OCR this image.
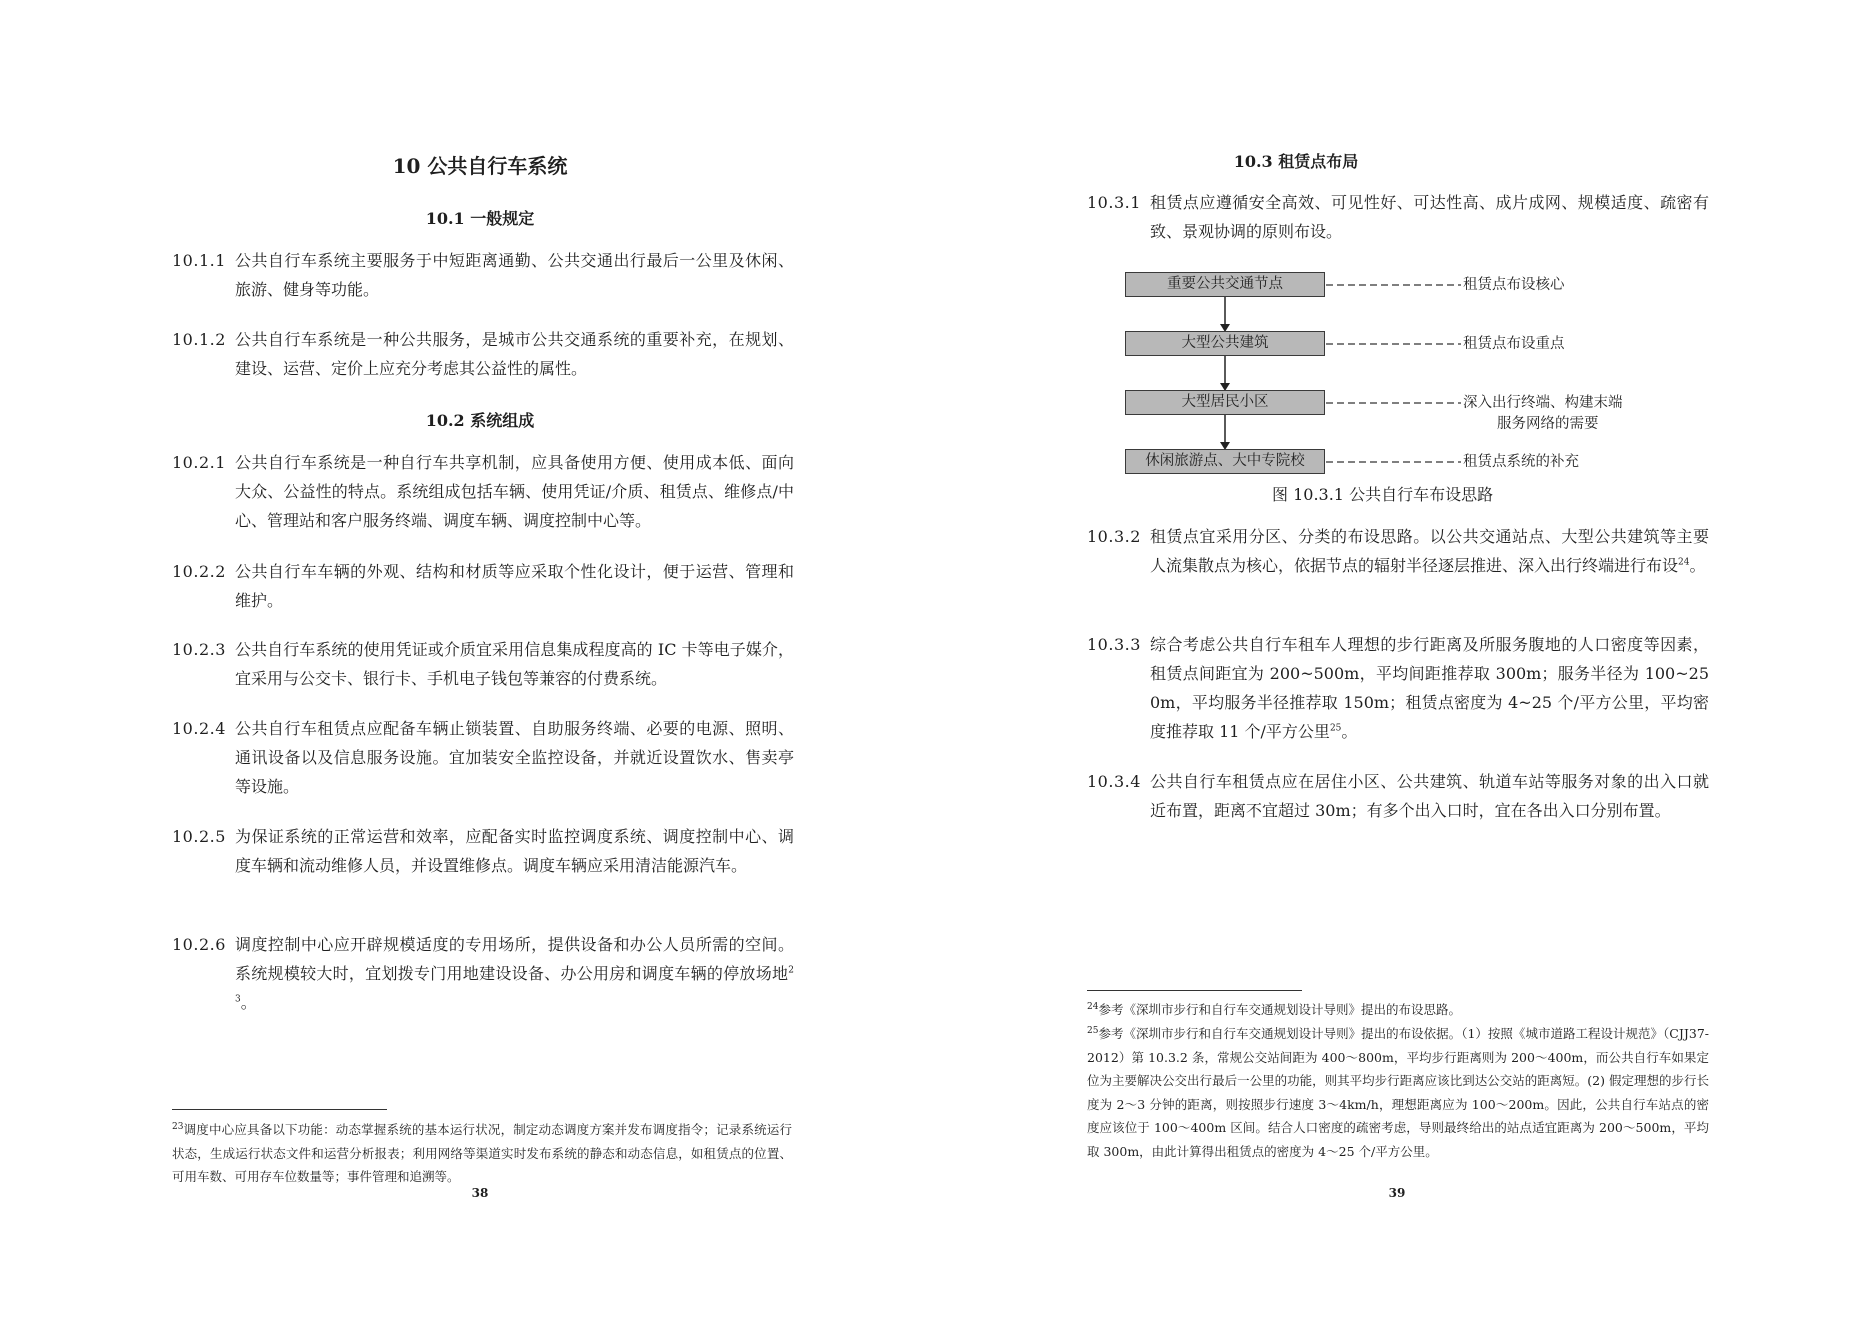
10 公共自行车系统
10.1 一般规定
10.1.1 公共自行车系统主要服务于中短距离通勤、公共交通出行最后一公里及休闲、旅游、健身等功能。
10.1.2 公共自行车系统是一种公共服务，是城市公共交通系统的重要补充，在规划、建设、运营、定价上应充分考虑其公益性的属性。
10.2 系统组成
10.2.1 公共自行车系统是一种自行车共享机制，应具备使用方便、使用成本低、面向大众、公益性的特点。系统组成包括车辆、使用凭证/介质、租赁点、维修点/中心、管理站和客户服务终端、调度车辆、调度控制中心等。
10.2.2 公共自行车车辆的外观、结构和材质等应采取个性化设计，便于运营、管理和维护。
10.2.3 公共自行车系统的使用凭证或介质宜采用信息集成程度高的 IC 卡等电子媒介，宜采用与公交卡、银行卡、手机电子钱包等兼容的付费系统。
10.2.4 公共自行车租赁点应配备车辆止锁装置、自助服务终端、必要的电源、照明、通讯设备以及信息服务设施。宜加装安全监控设备，并就近设置饮水、售卖亭等设施。
10.2.5 为保证系统的正常运营和效率，应配备实时监控调度系统、调度控制中心、调度车辆和流动维修人员，并设置维修点。调度车辆应采用清洁能源汽车。
10.2.6 调度控制中心应开辟规模适度的专用场所，提供设备和办公人员所需的空间。系统规模较大时，宜划拨专门用地建设设备、办公用房和调度车辆的停放场地$^{23}$。
$^{23}$调度中心应具备以下功能：动态掌握系统的基本运行状况，制定动态调度方案并发布调度指令；记录系统运行状态，生成运行状态文件和运营分析报表；利用网络等渠道实时发布系统的静态和动态信息，如租赁点的位置、可用车数、可用存车位数量等；事件管理和追溯等。
38
10.3 租赁点布局
10.3.1 租赁点应遵循安全高效、可见性好、可达性高、成片成网、规模适度、疏密有致、景观协调的原则布设。
重要公共交通节点
大型公共建筑
大型居民小区
休闲旅游点、大中专院校
租赁点布设核心
租赁点布设重点
深入出行终端、构建末端
服务网络的需要
租赁点系统的补充
图 10.3.1 公共自行车布设思路
10.3.2 租赁点宜采用分区、分类的布设思路。以公共交通站点、大型公共建筑等主要人流集散点为核心，依据节点的辐射半径逐层推进、深入出行终端进行布设$^{24}$。
10.3.3 综合考虑公共自行车租车人理想的步行距离及所服务腹地的人口密度等因素，租赁点间距宜为 200~500m，平均间距推荐取 300m；服务半径为 100~250m，平均服务半径推荐取 150m；租赁点密度为 4~25 个/平方公里，平均密度推荐取 11 个/平方公里$^{25}$。
10.3.4 公共自行车租赁点应在居住小区、公共建筑、轨道车站等服务对象的出入口就近布置，距离不宜超过 30m；有多个出入口时，宜在各出入口分别布置。
$^{24}$参考《深圳市步行和自行车交通规划设计导则》提出的布设思路。
$^{25}$参考《深圳市步行和自行车交通规划设计导则》提出的布设依据。（1）按照《城市道路工程设计规范》（CJJ37-2012）第 10.3.2 条，常规公交站间距为 400～800m，平均步行距离则为 200～400m，而公共自行车如果定位为主要解决公交出行最后一公里的功能，则其平均步行距离应该比到达公交站的距离短。(2) 假定理想的步行长度为 2～3 分钟的距离，则按照步行速度 3～4km/h，理想距离应为 100～200m。因此，公共自行车站点的密度应该位于 100～400m 区间。结合人口密度的疏密考虑，导则最终给出的站点适宜距离为 200～500m，平均取 300m，由此计算得出租赁点的密度为 4～25 个/平方公里。
39
